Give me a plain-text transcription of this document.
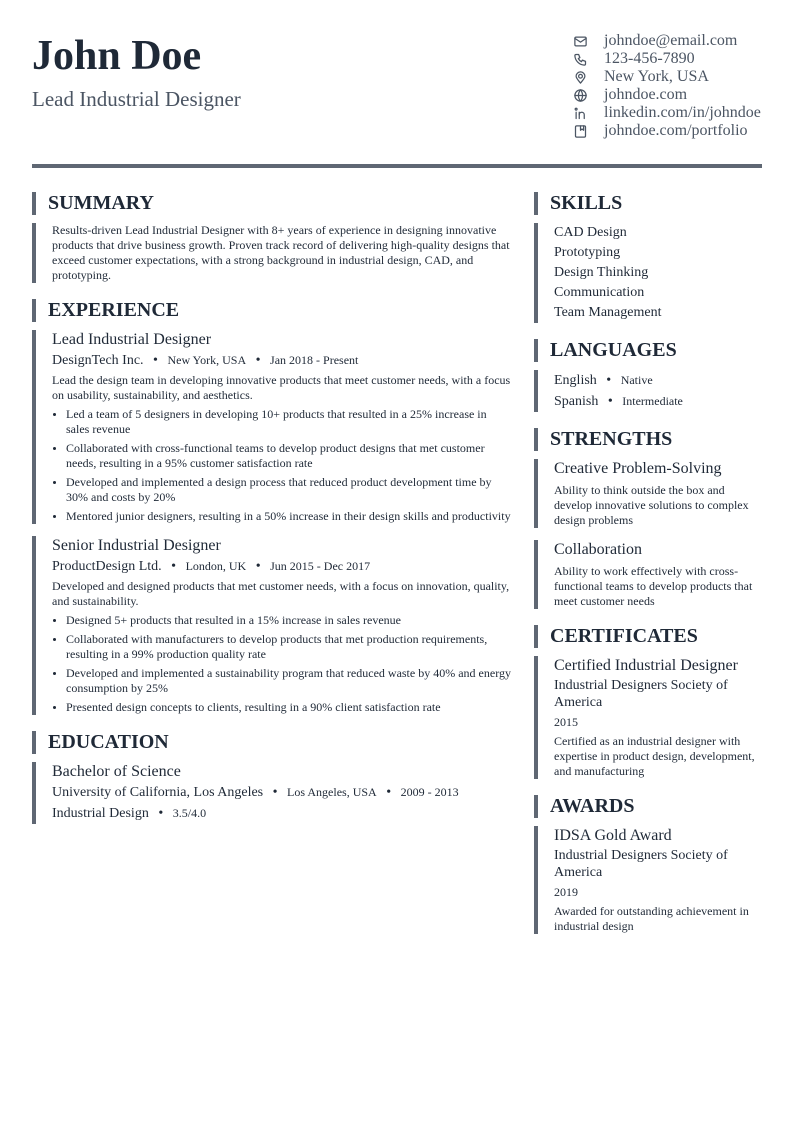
John Doe
Lead Industrial Designer
johndoe@email.com
123-456-7890
New York, USA
johndoe.com
linkedin.com/in/johndoe
johndoe.com/portfolio
SUMMARY
Results-driven Lead Industrial Designer with 8+ years of experience in designing innovative products that drive business growth. Proven track record of delivering high-quality designs that exceed customer expectations, with a strong background in industrial design, CAD, and prototyping.
EXPERIENCE
Lead Industrial Designer
DesignTech Inc. • New York, USA • Jan 2018 - Present
Lead the design team in developing innovative products that meet customer needs, with a focus on usability, sustainability, and aesthetics.
• Led a team of 5 designers in developing 10+ products that resulted in a 25% increase in sales revenue
• Collaborated with cross-functional teams to develop product designs that met customer needs, resulting in a 95% customer satisfaction rate
• Developed and implemented a design process that reduced product development time by 30% and costs by 20%
• Mentored junior designers, resulting in a 50% increase in their design skills and productivity
Senior Industrial Designer
ProductDesign Ltd. • London, UK • Jun 2015 - Dec 2017
Developed and designed products that met customer needs, with a focus on innovation, quality, and sustainability.
• Designed 5+ products that resulted in a 15% increase in sales revenue
• Collaborated with manufacturers to develop products that met production requirements, resulting in a 99% production quality rate
• Developed and implemented a sustainability program that reduced waste by 40% and energy consumption by 25%
• Presented design concepts to clients, resulting in a 90% client satisfaction rate
EDUCATION
Bachelor of Science
University of California, Los Angeles • Los Angeles, USA • 2009 - 2013
Industrial Design • 3.5/4.0
SKILLS
CAD Design
Prototyping
Design Thinking
Communication
Team Management
LANGUAGES
English • Native
Spanish • Intermediate
STRENGTHS
Creative Problem-Solving
Ability to think outside the box and develop innovative solutions to complex design problems
Collaboration
Ability to work effectively with cross-functional teams to develop products that meet customer needs
CERTIFICATES
Certified Industrial Designer
Industrial Designers Society of America
2015
Certified as an industrial designer with expertise in product design, development, and manufacturing
AWARDS
IDSA Gold Award
Industrial Designers Society of America
2019
Awarded for outstanding achievement in industrial design
